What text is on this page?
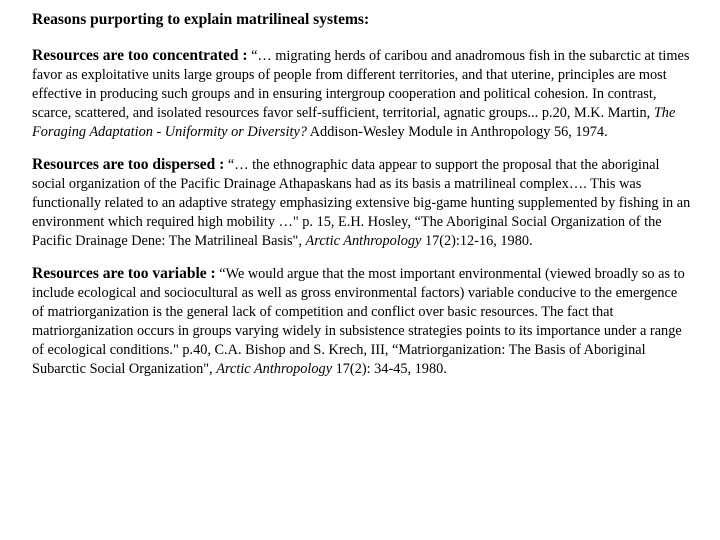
Reasons purporting to explain matrilineal systems:
Resources are too concentrated : “… migrating herds of caribou and anadromous fish in the subarctic at times favor as exploitative units large groups of people from different territories, and that uterine, principles are most effective in producing such groups and in ensuring intergroup cooperation and political cohesion. In contrast, scarce, scattered, and isolated resources favor self-sufficient, territorial, agnatic groups... p.20, M.K. Martin, The Foraging Adaptation - Uniformity or Diversity? Addison-Wesley Module in Anthropology 56, 1974.
Resources are too dispersed : “… the ethnographic data appear to support the proposal that the aboriginal social organization of the Pacific Drainage Athapaskans had as its basis a matrilineal complex…. This was functionally related to an adaptive strategy emphasizing extensive big-game hunting supplemented by fishing in an environment which required high mobility …" p. 15, E.H. Hosley, “The Aboriginal Social Organization of the Pacific Drainage Dene: The Matrilineal Basis", Arctic Anthropology 17(2):12-16, 1980.
Resources are too variable : “We would argue that the most important environmental (viewed broadly so as to include ecological and sociocultural as well as gross environmental factors) variable conducive to the emergence of matriorganization is the general lack of competition and conflict over basic resources. The fact that matriorganization occurs in groups varying widely in subsistence strategies points to its importance under a range of ecological conditions." p.40, C.A. Bishop and S. Krech, III, “Matriorganization: The Basis of Aboriginal Subarctic Social Organization", Arctic Anthropology 17(2): 34-45, 1980.
